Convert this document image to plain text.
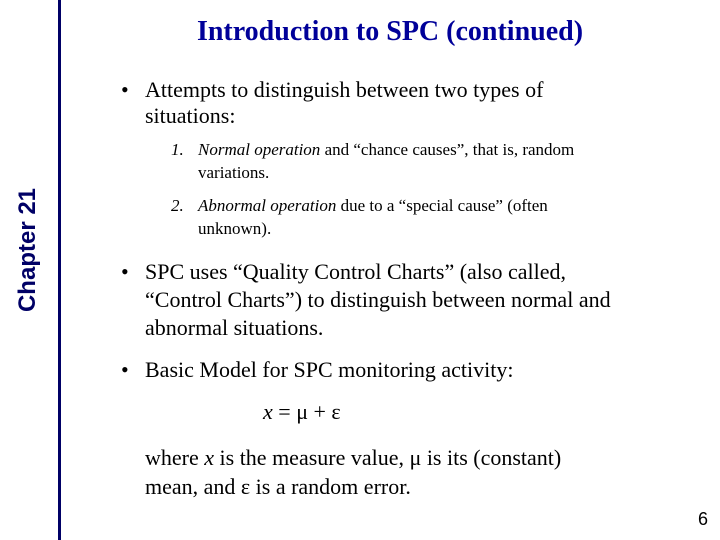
Chapter 21
Introduction to SPC (continued)
• Attempts to distinguish between two types of situations:
1. Normal operation and “chance causes”, that is, random variations.
2. Abnormal operation due to a “special cause” (often unknown).
• SPC uses “Quality Control Charts” (also called, “Control Charts”) to distinguish between normal and abnormal situations.
• Basic Model for SPC monitoring activity:
x = μ + ε
where x is the measure value, μ is its (constant) mean, and ε is a random error.
6
